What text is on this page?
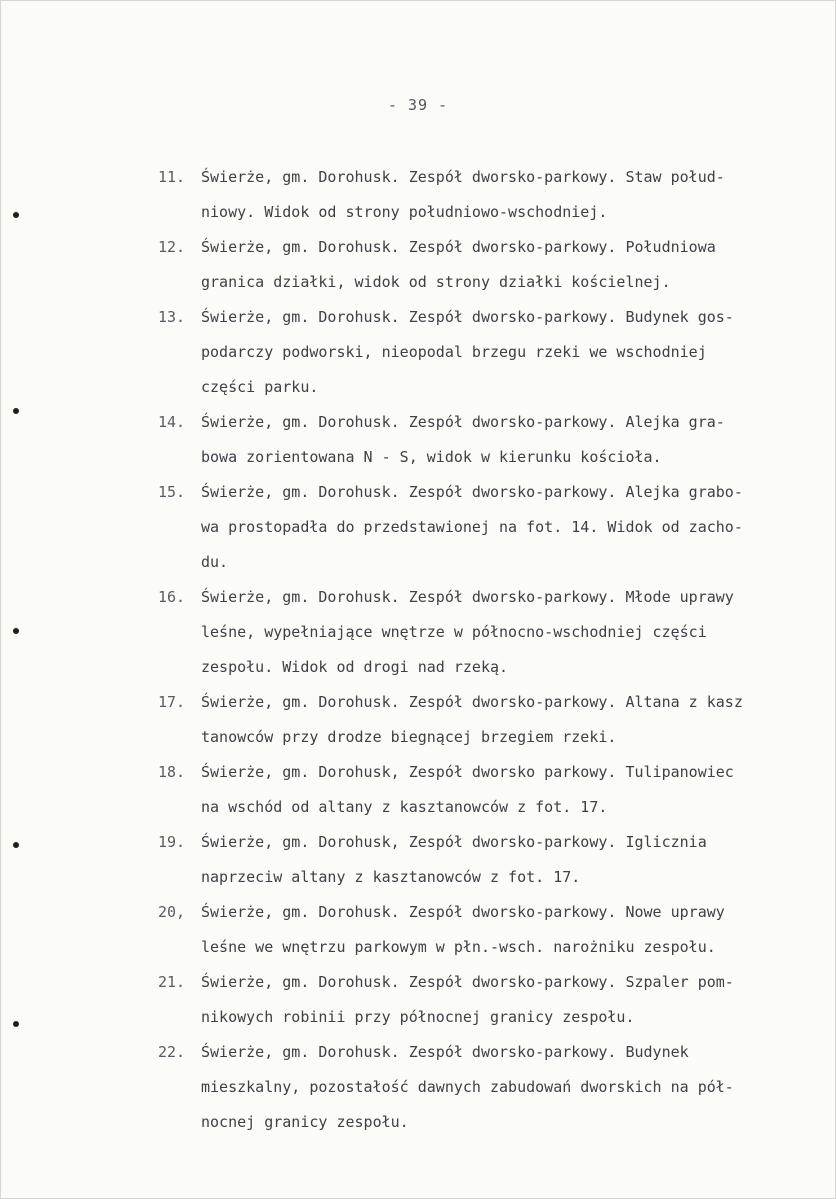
- 39 -
11. Świerże, gm. Dorohusk. Zespół dworsko-parkowy. Staw połud-
niowy. Widok od strony południowo-wschodniej.
12. Świerże, gm. Dorohusk. Zespół dworsko-parkowy. Południowa
granica działki, widok od strony działki kościelnej.
13. Świerże, gm. Dorohusk. Zespół dworsko-parkowy. Budynek gos-
podarczy podworski, nieopodal brzegu rzeki we wschodniej
części parku.
14. Świerże, gm. Dorohusk. Zespół dworsko-parkowy. Alejka gra-
bowa zorientowana N - S, widok w kierunku kościoła.
15. Świerże, gm. Dorohusk. Zespół dworsko-parkowy. Alejka grabo-
wa prostopadła do przedstawionej na fot. 14. Widok od zacho-
du.
16. Świerże, gm. Dorohusk. Zespół dworsko-parkowy. Młode uprawy
leśne, wypełniające wnętrze w północno-wschodniej części
zespołu. Widok od drogi nad rzeką.
17. Świerże, gm. Dorohusk. Zespół dworsko-parkowy. Altana z kasz
tanowców przy drodze biegnącej brzegiem rzeki.
18. Świerże, gm. Dorohusk, Zespół dworsko parkowy. Tulipanowiec
na wschód od altany z kasztanowców z fot. 17.
19. Świerże, gm. Dorohusk, Zespół dworsko-parkowy. Iglicznia
naprzeciw altany z kasztanowców z fot. 17.
20, Świerże, gm. Dorohusk. Zespół dworsko-parkowy. Nowe uprawy
leśne we wnętrzu parkowym w płn.-wsch. narożniku zespołu.
21. Świerże, gm. Dorohusk. Zespół dworsko-parkowy. Szpaler pom-
nikowych robinii przy północnej granicy zespołu.
22. Świerże, gm. Dorohusk. Zespół dworsko-parkowy. Budynek
mieszkalny, pozostałość dawnych zabudowań dworskich na pół-
nocnej granicy zespołu.
